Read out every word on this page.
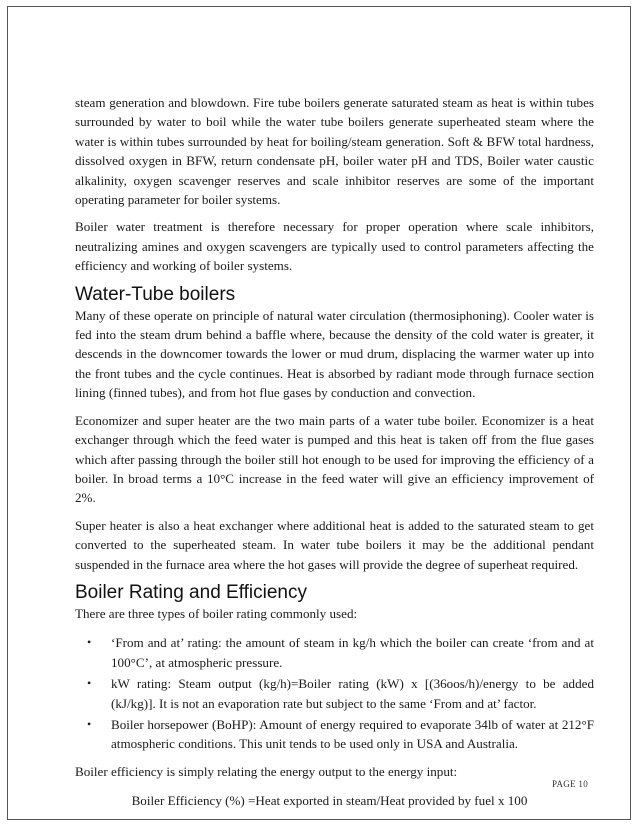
steam generation and blowdown. Fire tube boilers generate saturated steam as heat is within tubes surrounded by water to boil while the water tube boilers generate superheated steam where the water is within tubes surrounded by heat for boiling/steam generation. Soft & BFW total hardness, dissolved oxygen in BFW, return condensate pH, boiler water pH and TDS, Boiler water caustic alkalinity, oxygen scavenger reserves and scale inhibitor reserves are some of the important operating parameter for boiler systems.

Boiler water treatment is therefore necessary for proper operation where scale inhibitors, neutralizing amines and oxygen scavengers are typically used to control parameters affecting the efficiency and working of boiler systems.

Water-Tube boilers

Many of these operate on principle of natural water circulation (thermosiphoning). Cooler water is fed into the steam drum behind a baffle where, because the density of the cold water is greater, it descends in the downcomer towards the lower or mud drum, displacing the warmer water up into the front tubes and the cycle continues. Heat is absorbed by radiant mode through furnace section lining (finned tubes), and from hot flue gases by conduction and convection.

Economizer and super heater are the two main parts of a water tube boiler. Economizer is a heat exchanger through which the feed water is pumped and this heat is taken off from the flue gases which after passing through the boiler still hot enough to be used for improving the efficiency of a boiler. In broad terms a 10°C increase in the feed water will give an efficiency improvement of 2%.

Super heater is also a heat exchanger where additional heat is added to the saturated steam to get converted to the superheated steam. In water tube boilers it may be the additional pendant suspended in the furnace area where the hot gases will provide the degree of superheat required.

Boiler Rating and Efficiency

There are three types of boiler rating commonly used:

• ‘From and at’ rating: the amount of steam in kg/h which the boiler can create ‘from and at 100°C’, at atmospheric pressure.
• kW rating: Steam output (kg/h)=Boiler rating (kW) x [(36oos/h)/energy to be added (kJ/kg)]. It is not an evaporation rate but subject to the same ‘From and at’ factor.
• Boiler horsepower (BoHP): Amount of energy required to evaporate 34lb of water at 212°F atmospheric conditions. This unit tends to be used only in USA and Australia.

Boiler efficiency is simply relating the energy output to the energy input:

Boiler Efficiency (%) =Heat exported in steam/Heat provided by fuel x 100
PAGE 10
